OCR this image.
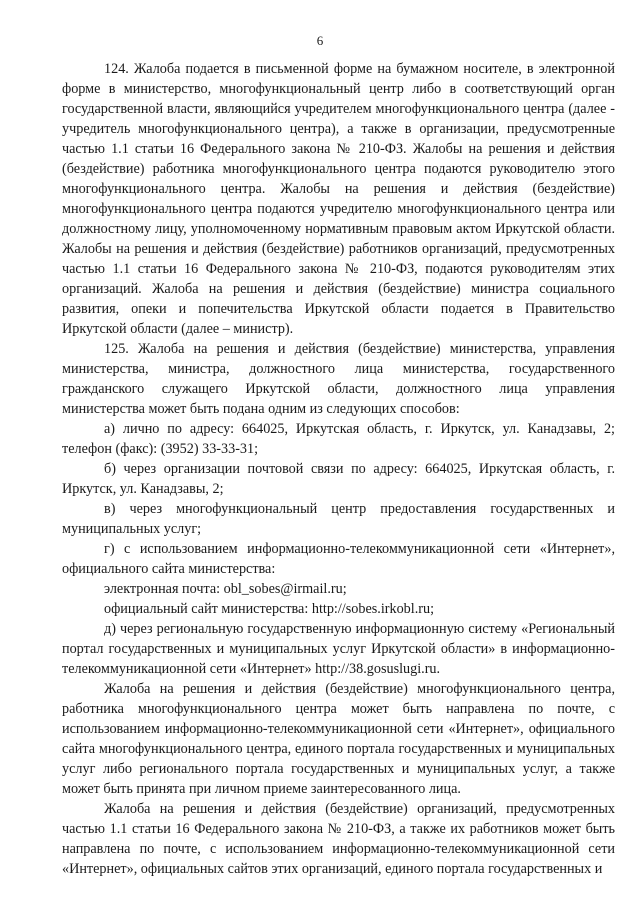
6

124. Жалоба подается в письменной форме на бумажном носителе, в электронной форме в министерство, многофункциональный центр либо в соответствующий орган государственной власти, являющийся учредителем многофункционального центра (далее - учредитель многофункционального центра), а также в организации, предусмотренные частью 1.1 статьи 16 Федерального закона № 210-ФЗ. Жалобы на решения и действия (бездействие) работника многофункционального центра подаются руководителю этого многофункционального центра. Жалобы на решения и действия (бездействие) многофункционального центра подаются учредителю многофункционального центра или должностному лицу, уполномоченному нормативным правовым актом Иркутской области. Жалобы на решения и действия (бездействие) работников организаций, предусмотренных частью 1.1 статьи 16 Федерального закона № 210-ФЗ, подаются руководителям этих организаций. Жалоба на решения и действия (бездействие) министра социального развития, опеки и попечительства Иркутской области подается в Правительство Иркутской области (далее – министр).

125. Жалоба на решения и действия (бездействие) министерства, управления министерства, министра, должностного лица министерства, государственного гражданского служащего Иркутской области, должностного лица управления министерства может быть подана одним из следующих способов:

а) лично по адресу: 664025, Иркутская область, г. Иркутск, ул. Канадзавы, 2; телефон (факс): (3952) 33-33-31;

б) через организации почтовой связи по адресу: 664025, Иркутская область, г. Иркутск, ул. Канадзавы, 2;

в) через многофункциональный центр предоставления государственных и муниципальных услуг;

г) с использованием информационно-телекоммуникационной сети «Интернет», официального сайта министерства:

электронная почта: obl_sobes@irmail.ru;

официальный сайт министерства: http://sobes.irkobl.ru;

д) через региональную государственную информационную систему «Региональный портал государственных и муниципальных услуг Иркутской области» в информационно-телекоммуникационной сети «Интернет» http://38.gosuslugi.ru.

Жалоба на решения и действия (бездействие) многофункционального центра, работника многофункционального центра может быть направлена по почте, с использованием информационно-телекоммуникационной сети «Интернет», официального сайта многофункционального центра, единого портала государственных и муниципальных услуг либо регионального портала государственных и муниципальных услуг, а также может быть принята при личном приеме заинтересованного лица.

Жалоба на решения и действия (бездействие) организаций, предусмотренных частью 1.1 статьи 16 Федерального закона № 210-ФЗ, а также их работников может быть направлена по почте, с использованием информационно-телекоммуникационной сети «Интернет», официальных сайтов этих организаций, единого портала государственных и
